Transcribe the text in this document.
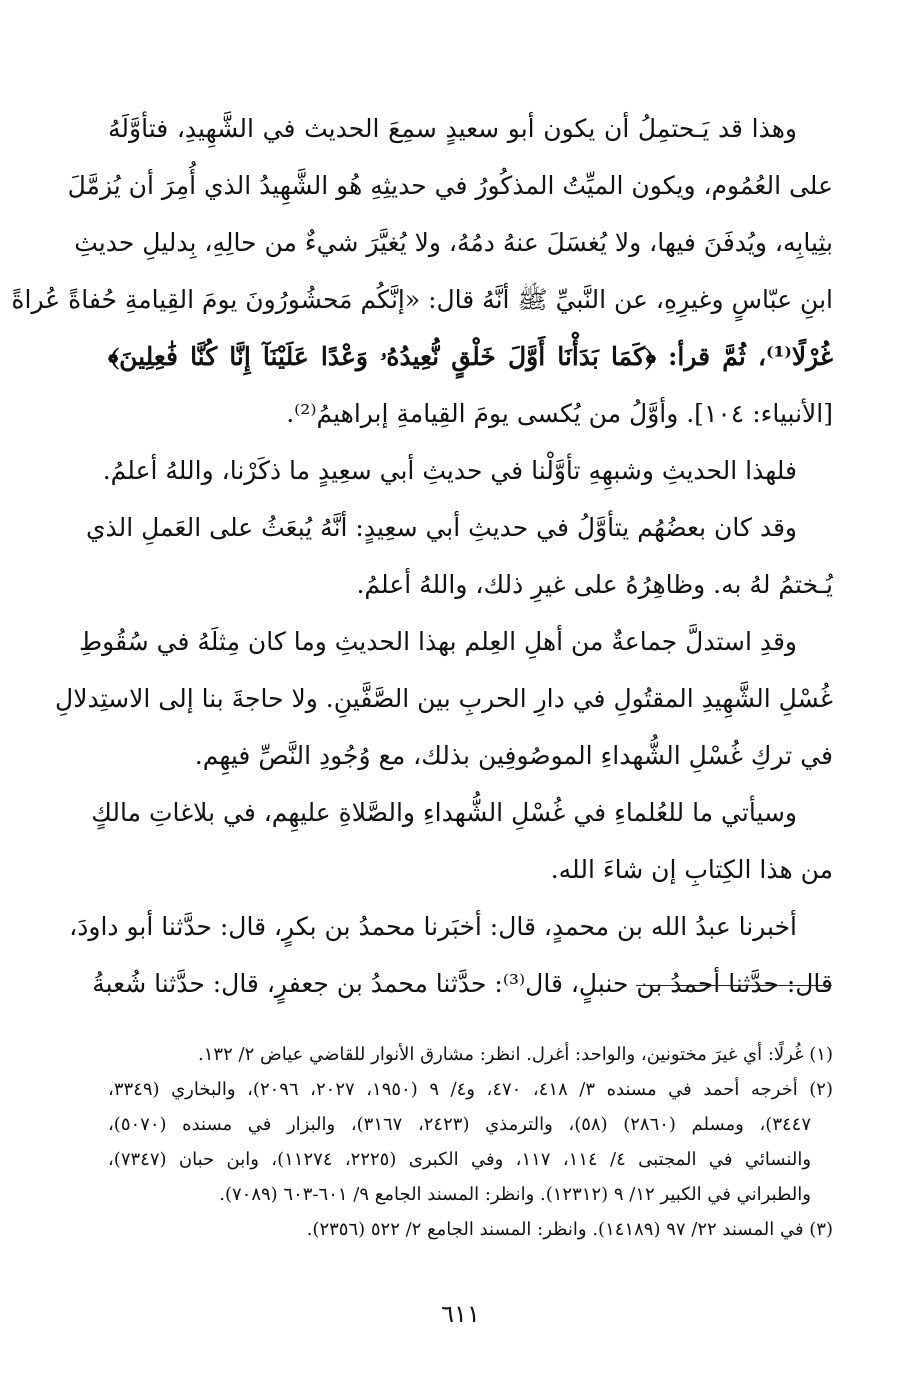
وهذا قد يَـحتمِلُ أن يكون أبو سعيدٍ سمِعَ الحديث في الشَّهِيدِ، فتأوَّلَهُ
على العُمُوم، ويكون الميِّتُ المذكُورُ في حديثِهِ هُو الشَّهِيدُ الذي أُمِرَ أن يُزمَّلَ
بثِيابِه، ويُدفَنَ فيها، ولا يُغسَلَ عنهُ دمُهُ، ولا يُغيَّرَ شيءٌ من حالِهِ، بِدليلِ حديثِ
ابنِ عبّاسٍ وغيرِهِ، عن النَّبيِّ ﷺ أنَّهُ قال: «إنَّكُم مَحشُورُونَ يومَ القِيامةِ حُفاةً عُراةً
غُرْلًا⁽¹⁾، ثُمَّ قرأ: ﴿كَمَا بَدَأْنَا أَوَّلَ خَلْقٍ نُّعِيدُهُۥ وَعْدًا عَلَيْنَآ إِنَّا كُنَّا فَٰعِلِينَ﴾
[الأنبياء: ١٠٤]. وأوَّلُ من يُكسى يومَ القِيامةِ إبراهيمُ⁽²⁾.

فلهذا الحديثِ وشبهِهِ تأوَّلْنا في حديثِ أبي سعِيدٍ ما ذكَرْنا، واللهُ أعلمُ.

وقد كان بعضُهُم يتأوَّلُ في حديثِ أبي سعِيدٍ: أنَّهُ يُبعَثُ على العَملِ الذي
يُـختمُ لهُ به. وظاهِرُهُ على غيرِ ذلك، واللهُ أعلمُ.

وقدِ استدلَّ جماعةٌ من أهلِ العِلم بهذا الحديثِ وما كان مِثلَهُ في سُقُوطِ
غُسْلِ الشَّهِيدِ المقتُولِ في دارِ الحربِ بين الصَّفَّينِ. ولا حاجةَ بنا إلى الاستِدلالِ
في تركِ غُسْلِ الشُّهداءِ الموصُوفِين بذلك، مع وُجُودِ النَّصِّ فيهِم.

وسيأتي ما للعُلماءِ في غُسْلِ الشُّهداءِ والصَّلاةِ عليهِم، في بلاغاتِ مالكٍ
من هذا الكِتابِ إن شاءَ الله.

أخبرنا عبدُ الله بن محمدٍ، قال: أخبَرنا محمدُ بن بكرٍ، قال: حدَّثنا أبو داودَ،
قال: حدَّثنا أحمدُ بن حنبلٍ، قال⁽³⁾: حدَّثنا محمدُ بن جعفرٍ، قال: حدَّثنا شُعبةُ

(١) غُرلًا: أي غيرَ مختونين، والواحد: أغرل. انظر: مشارق الأنوار للقاضي عياض ٢/ ١٣٢.
(٢) أخرجه أحمد في مسنده ٣/ ٤١٨، ٤٧٠، و٤/ ٩ (١٩٥٠، ٢٠٢٧، ٢٠٩٦)، والبخاري (٣٣٤٩،
٣٤٤٧)، ومسلم (٢٨٦٠) (٥٨)، والترمذي (٢٤٢٣، ٣١٦٧)، والبزار في مسنده (٥٠٧٠)،
والنسائي في المجتبى ٤/ ١١٤، ١١٧، وفي الكبرى (٢٢٢٥، ١١٢٧٤)، وابن حبان (٧٣٤٧)،
والطبراني في الكبير ١٢/ ٩ (١٢٣١٢). وانظر: المسند الجامع ٩/ ٦٠١-٦٠٣ (٧٠٨٩).
(٣) في المسند ٢٢/ ٩٧ (١٤١٨٩). وانظر: المسند الجامع ٢/ ٥٢٢ (٢٣٥٦).
٦١١
